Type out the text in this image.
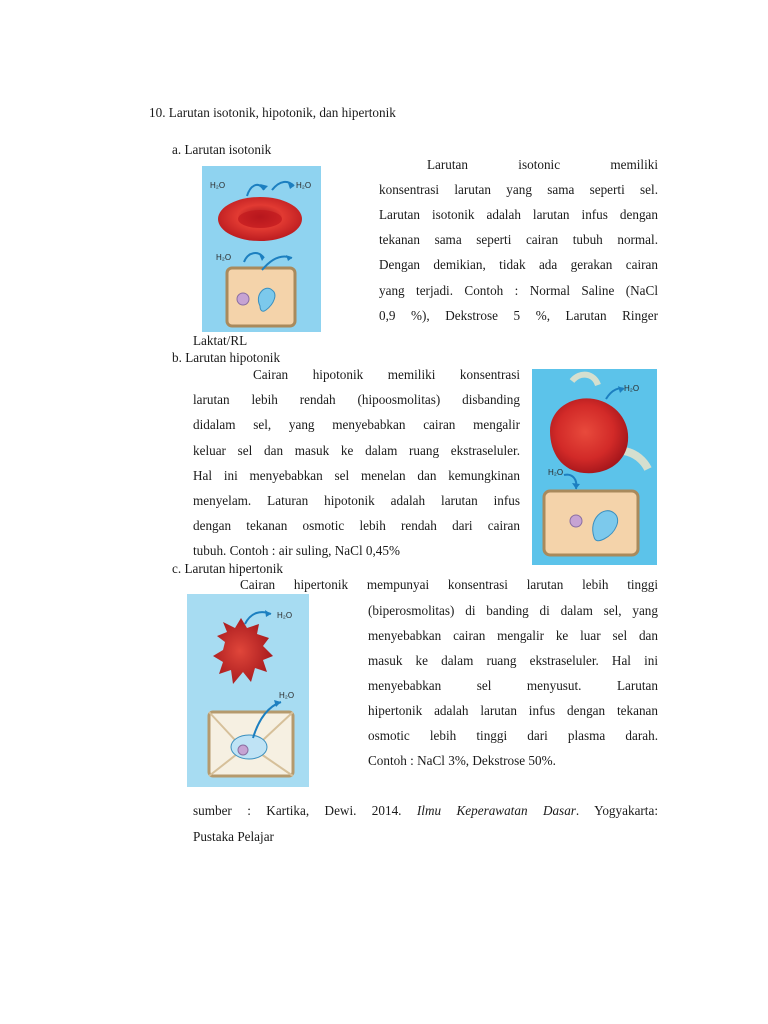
10. Larutan isotonik, hipotonik, dan hipertonik
a. Larutan isotonik
H₂O	H₂O
H₂O
Larutan isotonic memiliki
konsentrasi larutan yang sama seperti sel.
Larutan isotonik adalah larutan infus dengan
tekanan sama seperti cairan tubuh normal.
Dengan demikian, tidak ada gerakan cairan
yang terjadi. Contoh : Normal Saline (NaCl
0,9 %), Dekstrose 5 %, Larutan Ringer
Laktat/RL
b. Larutan hipotonik
Cairan hipotonik memiliki konsentrasi
larutan lebih rendah (hipoosmolitas) disbanding
didalam sel, yang menyebabkan cairan mengalir
keluar sel dan masuk ke dalam ruang ekstraseluler.
Hal ini menyebabkan sel menelan dan kemungkinan
menyelam. Laturan hipotonik adalah larutan infus
dengan tekanan osmotic lebih rendah dari cairan
tubuh. Contoh : air suling, NaCl 0,45%
H₂O
H₂O
c. Larutan hipertonik
Cairan hipertonik mempunyai konsentrasi larutan lebih tinggi
(biperosmolitas) di banding di dalam sel, yang
menyebabkan cairan mengalir ke luar sel dan
masuk ke dalam ruang ekstraseluler. Hal ini
menyebabkan sel menyusut. Larutan
hipertonik adalah larutan infus dengan tekanan
osmotic lebih tinggi dari plasma darah.
Contoh : NaCl 3%, Dekstrose 50%.
H₂O
H₂O
sumber : Kartika, Dewi. 2014. Ilmu Keperawatan Dasar. Yogyakarta:
Pustaka Pelajar
